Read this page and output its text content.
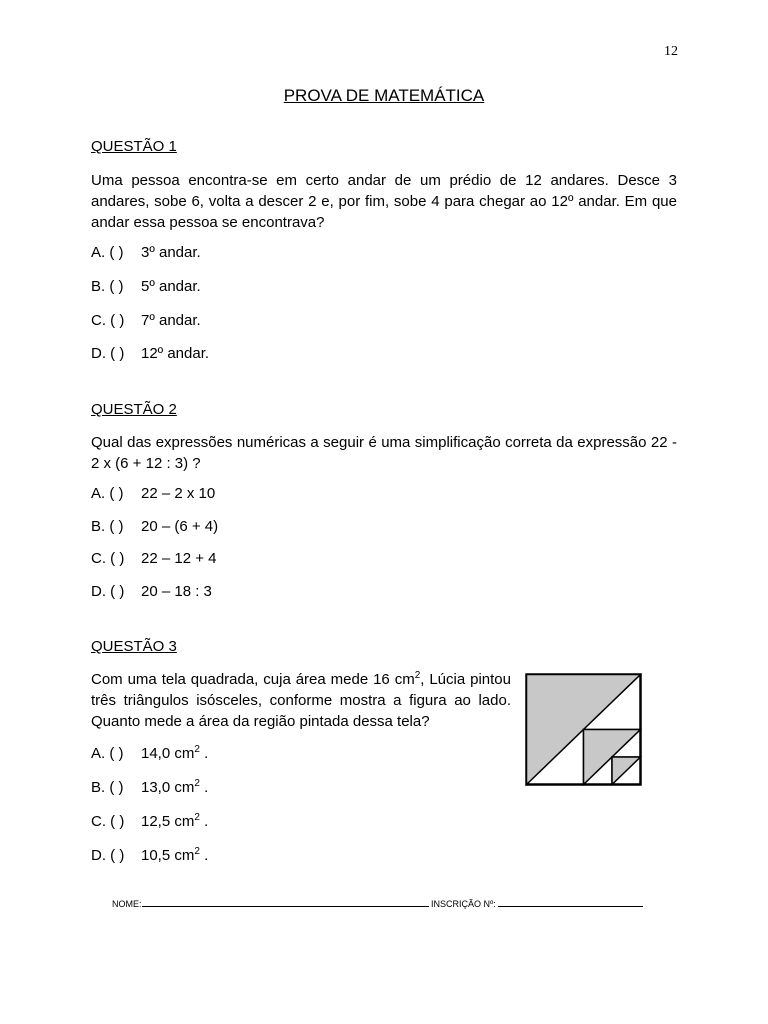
12
PROVA DE MATEMÁTICA
QUESTÃO 1
Uma pessoa encontra-se em certo andar de um prédio de 12 andares. Desce 3 andares, sobe 6, volta a descer 2 e, por fim, sobe 4 para chegar ao 12º andar. Em que andar essa pessoa se encontrava?
A. ( ) 3º andar.
B. ( ) 5º andar.
C. ( ) 7º andar.
D. ( ) 12º andar.
QUESTÃO 2
Qual das expressões numéricas a seguir é uma simplificação correta da expressão 22 - 2 x (6 + 12 : 3) ?
A. ( ) 22 – 2 x 10
B. ( ) 20 – (6 + 4)
C. ( ) 22 – 12 + 4
D. ( ) 20 – 18 : 3
QUESTÃO 3
Com uma tela quadrada, cuja área mede 16 $cm^2$, Lúcia pintou três triângulos isósceles, conforme mostra a figura ao lado. Quanto mede a área da região pintada dessa tela?
A. ( ) 14,0 $cm^2$ .
B. ( ) 13,0 $cm^2$ .
C. ( ) 12,5 $cm^2$ .
D. ( ) 10,5 $cm^2$ .
NOME:	INSCRIÇÃO Nº:
